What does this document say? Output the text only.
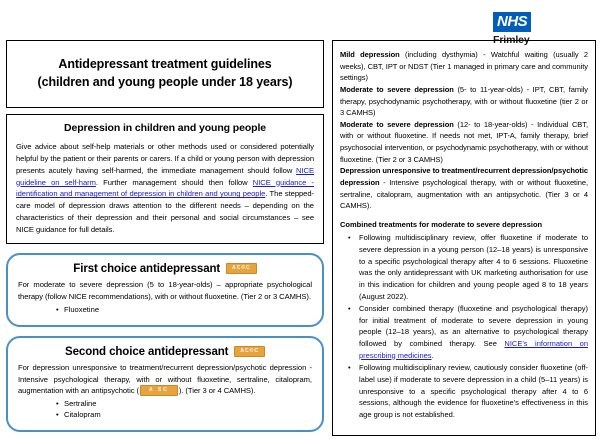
NHS
Frimley
Antidepressant treatment guidelines
(children and young people under 18 years)
Depression in children and young people
Give advice about self-help materials or other methods used or considered potentially helpful by the patient or their parents or carers. If a child or young person with depression presents acutely having self-harmed, the immediate management should follow NICE guideline on self-harm. Further management should then follow NICE guidance - identification and management of depression in children and young people. The stepped-care model of depression draws attention to the different needs – depending on the characteristics of their depression and their personal and social circumstances – see NICE guidance for full details.
First choice antidepressant AC©C
For moderate to severe depression (5 to 18-year-olds) – appropriate psychological therapy (follow NICE recommendations), with or without fluoxetine. (Tier 2 or 3 CAMHS).
• Fluoxetine
Second choice antidepressant AC©C
For depression unresponsive to treatment/recurrent depression/psychotic depression - Intensive psychological therapy, with or without fluoxetine, sertraline, citalopram, augmentation with an antipsychotic ( A SC ). (Tier 3 or 4 CAMHS).
• Sertraline
• Citalopram
Mild depression (including dysthymia) - Watchful waiting (usually 2 weeks), CBT, IPT or NDST (Tier 1 managed in primary care and community settings)
Moderate to severe depression (5- to 11-year-olds) - IPT, CBT, family therapy, psychodynamic psychotherapy, with or without fluoxetine (tier 2 or 3 CAMHS)
Moderate to severe depression (12- to 18-year-olds) - Individual CBT, with or without fluoxetine. If needs not met, IPT-A, family therapy, brief psychosocial intervention, or psychodynamic psychotherapy, with or without fluoxetine. (Tier 2 or 3 CAMHS)
Depression unresponsive to treatment/recurrent depression/psychotic depression - Intensive psychological therapy, with or without fluoxetine, sertraline, citalopram, augmentation with an antipsychotic. (Tier 3 or 4 CAMHS).
Combined treatments for moderate to severe depression
• Following multidisciplinary review, offer fluoxetine if moderate to severe depression in a young person (12–18 years) is unresponsive to a specific psychological therapy after 4 to 6 sessions. Fluoxetine was the only antidepressant with UK marketing authorisation for use in this indication for children and young people aged 8 to 18 years (August 2022).
• Consider combined therapy (fluoxetine and psychological therapy) for initial treatment of moderate to severe depression in young people (12–18 years), as an alternative to psychological therapy followed by combined therapy. See NICE's information on prescribing medicines.
• Following multidisciplinary review, cautiously consider fluoxetine (off-label use) if moderate to severe depression in a child (5–11 years) is unresponsive to a specific psychological therapy after 4 to 6 sessions, although the evidence for fluoxetine's effectiveness in this age group is not established.
